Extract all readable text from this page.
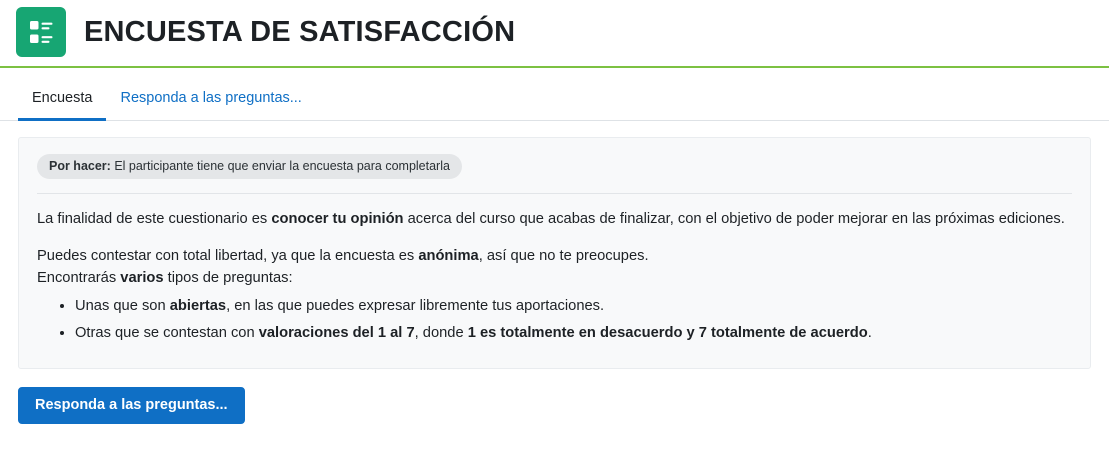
ENCUESTA DE SATISFACCIÓN
Encuesta	Responda a las preguntas...
Por hacer: El participante tiene que enviar la encuesta para completarla

La finalidad de este cuestionario es conocer tu opinión acerca del curso que acabas de finalizar, con el objetivo de poder mejorar en las próximas ediciones.

Puedes contestar con total libertad, ya que la encuesta es anónima, así que no te preocupes.

Encontrarás varios tipos de preguntas:

• Unas que son abiertas, en las que puedes expresar libremente tus aportaciones.
• Otras que se contestan con valoraciones del 1 al 7, donde 1 es totalmente en desacuerdo y 7 totalmente de acuerdo.
Responda a las preguntas...
